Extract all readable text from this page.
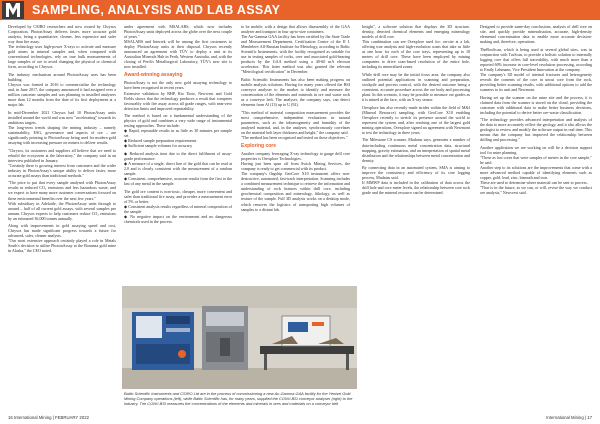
SAMPLING, ANALYSIS AND LAB ASSAY

Developed by CSIRO researchers and now owned by Chrysos Corporation, PhotonAssay delivers faster, more accurate gold analysis, being a quantitative, cleaner, less expensive and safer way than fire assay.
The technology uses high-power X-rays to activate and measure gold atoms in mineral samples and, when compared with conventional technologies, rely on true bulk measurements of large samples of ore to avoid changing the physical or chemical form, according to Chrysos.

The industry mechanism around PhotonAssay uses has been building.
Chrysos was formed in 2016 to commercialise the technology and, in June 2017, the company announced it had assigned over a million customer samples and was planning in installed analysers more than 12 months from the date of its first deployment at a major lab.

In mid-December 2021 Chrysos had 10 PhotonAssay units installed around the world and was now "accelerating" towards its ambitious targets.
The long-term trends shaping the mining industry – namely sustainability, ESG, governance and aspects of ore – are significantly pointing to PhotonAssay being used for modern gold assaying with increasing pressure on miners to deliver results.

"Chrysos, its customers and suppliers all believe that we need to rebuild the ecosystem at the laboratory," the company said in an interview published in January.
"Certainly there is growing interest from customers and the wider industry in PhotonAssay's unique ability to deliver faster, more accurate gold assays than traditional methods."

"The price to put that every sample analysed with PhotonAssay results in reduced CO₂ emissions and less hazardous waste, and we expect to have many more customer conversations focused on these environmental benefits over the next few years."
With subsidiary in Adelaide, the PhotonAssay units through to around – half of all current gold assays, with several samples per annum. Chrysos expects to help customers reduce CO₂ emissions by an estimated 36,000 tonnes annually.

Along with improvements in gold assaying speed and cost, Chrysos has made significant progress towards a future for advanced, safer, cleaner analysis.
"Our most extensive approach certainly played a role in Metals South's decision to utilise PhotonAssay at the Bonanza gold mine in Alaska," the CEO noted.

under agreement with MSALABS, which now includes PhotonAssay units deployed across the globe over the next couple of years."
MSALABS and Intertek will be among the first customers to deploy PhotonAssay units at their disposal. Chrysos recently announced an agreement with TÜV to deploy a unit at its Australian Minerals Hub in Perth, Western Australia, and, with the closing of Perth's Metallurgical Laboratory, TÜV's new site is now installed.

Award-winning assaying

PhotonAssay is not the only new gold assaying technology to have been recognised in recent years.
Extensive validation by BHP, Rio Tinto, Newcrest and Gold Fields shows that the technology produces a result that competes favourably with fire assay across all grade ranges, with near-zero detection limits and improved repeatability.

The method is based on a fundamental understanding of the physics of gold and combines a very wide range of instrumental testing approaches. These include:
◆ Rapid, repeatable results in as little as 30 minutes per sample set
◆ Reduced sample preparation requirements
◆ Sufficient sample volumes for accuracy

◆ Reduced analysis time due to the direct fulfilment of assay-grade performance.
◆ A measure of a single, direct line of the gold that can be read at 2.0 and is clearly consistent with the measurement of a random sample.
◆ Consistent, comprehensive, accurate results from the first to the last of any metal in the sample.

The gold ore content is non-toxic, cheaper, more convenient and safer than traditional fire assay, and provides a measurement error of 5% or better.
◆ Consistent analysis results regardless of mineral composition of the sample
◆ No negative impact on the environment and no dangerous chemicals used in the process.

to be mobile, with a design that allows disassembly of the GAA analyser and transport in four up-to-size containers.
The Au-Gamma GAA facility has been certified by the State Trade and Measurement Department, Certification Centre of the II I. Mendeleev All-Russian Institute for Metrology, according to Baltic Scientific Instruments, with the facility recognised as suitable for use in testing samples of rocks, ores and associated gold-bearing products by the GAA method using a 40-60 mA electron accelerator. This latter method was also granted the relevant "Metrological certification" in December.

Baltic Scientific Instruments has also been making progress on mobile analysis solutions. Having for many years offered the BSI conveyor analyser to the market to identify and measure the concentration of the elements and minerals in ore and waste rock as a conveyor belt. The analyser, the company says, can detect elements from Al (13) up to U (92).

"This method of material composition measurement provides the most comprehensive, independent evaluations in natural parameters, such as the inhomogeneity and humidity of the analysed material, and, in the analyser, synchronously correlates on the material belt layer thickness and height," the company said.
"The method has been recognised and tested on these objectives."

Exploring core

Another company leveraging X-ray technology to gauge drill core properties is Orexplore Technologies.
Having just been spun off from Swick Mining Services, the company is ready to get commercial with its product.
The company's flagship GeoCore X10 instrument offers non-destructive, automated, fast-track interpretation. Scanning includes a combined measurement technique to retrieve the information and understanding of rock features within drill core, including geochemical composition and mineralogy, lithology, as well as texture of the sample. Full 3D analysis works on a desktop mode, which removes the logistics of transporting high volumes of samples to a distant lab.

Insight", a software solution that displays the 3D structure, density, detected chemical elements and emerging mineralogy models of drill core.
This combination can see Orexplore used for: on-site at a lab, offering true analysis and high-resolution scans that take as little as one hour for each of the core trays, representing up to 18 metres of drill core. These have been employed by mining companies to drive scan-based resolution of the entire hole, including its mineralised zones.

While drill core may be the initial focus area, the company also outlined potential applications in scanning and preparation, stockpile and process control, with the desired outcome being a consistent, accurate procedure across the ore body and processing plant. In this scenario, it may be possible to measure ore grades as it is mined at the face, with an X-ray sensor.

Orexplore has also recently made strides within the field of M&I (Mineral Resource) sampling, with GeoCore X10 enabling Orexplore recently to stretch its presence around the world to represent the system and, after reaching one of the largest gold mining operations, Orexplore signed an agreement with Newmont to test the technology in three years.

The Milestone CS scanner, Mudatas says, generates a number of data-including continuous metal concentration data, structural mapping, gravity estimation, and an interpretation of spatial metal distribution and the relationships between metal concentration and density.

By connecting data in an automated system, SMA is aiming to improve the consistency and efficiency of its core logging process, Mudatas said.
If MMWP data is included in the calibration of data across the drill hole and core meter levels, the relationship between core rock grade and the mineral resource can be determined.

Designed to provide same-day conclusions, analysis of drill core on site, and quickly provide mineralisation, accurate, high-density elemental concentration data to enable more accurate decision-making and, therefore, operations.

TheBoxScan, which is being used at several global sites, was in conjunction with TruScan, to provide a holistic solution to internally logging core that offers full traceability, with much more than a reported 60% increase in core-level resolution processing, according to Emily Lehmann, Vice President Innovation at the company.
The company's 3D model of internal fractures and heterogeneity reveals the contents of the core in uncut core from the rock, providing better scanning results, with additional options to add the scanners to its unit and Newmont.

Having set up the scanner on the mine site and the process, it is claimed data from the scanner is stored on the cloud, providing the customer with additional data to make better business decisions, including the potential to derive better ore-waste classification.

"The technology provides advanced interpretation and analysis of the data to more accurately reflect the geology, and it also allows the geologist to review and modify the software output in real time. This means that the company has improved the relationship between drilling and processing."

Another application we are working on will be a decision support tool for mine planning.
"These as lost cores that were samples of metres in the core sample," he said.
Another step to its solutions are the improvements that come with a more advanced method capable of identifying elements such as copper, gold, lead, zinc, bismuth and iron.
These are used to determine where material can be sent to process.
"That is in the future, as we can, or will, revise the way we conduct ore analysis," Newcrest said.

Baltic Scientific Instruments and CSIRO Ltd are in the process of commissioning a new Au-Gamma GAA facility for the Yenisei Gold Mining Company operations (left), while Baltic Scientific has, for many years, supplied the CONV-BSI conveyor analyser (right) to the industry. The CONV-BSI measures the concentrations of the elements and minerals in ores and materials on a conveyor belt
16 International Mining | FEBRUARY 2022	International Mining | 17
